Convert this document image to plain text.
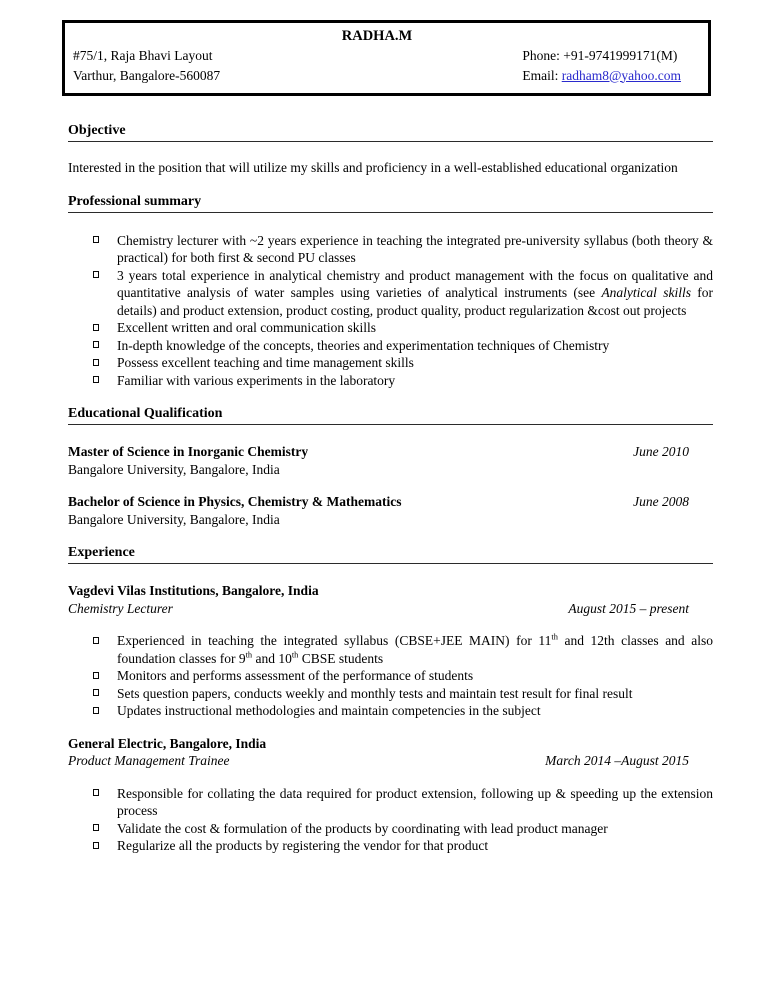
RADHA.M
#75/1, Raja Bhavi Layout
Varthur, Bangalore-560087
Phone: +91-9741999171(M)
Email: radham8@yahoo.com
Objective

Interested in the position that will utilize my skills and proficiency in a well-established educational organization

Professional summary
Chemistry lecturer with ~2 years experience in teaching the integrated pre-university syllabus (both theory & practical) for both first & second PU classes
3 years total experience in analytical chemistry and product management with the focus on qualitative and quantitative analysis of water samples using varieties of analytical instruments (see Analytical skills for details) and product extension, product costing, product quality, product regularization &cost out projects
Excellent written and oral communication skills
In-depth knowledge of the concepts, theories and experimentation techniques of Chemistry
Possess excellent teaching and time management skills
Familiar with various experiments in the laboratory
Educational Qualification
Master of Science in Inorganic Chemistry	June 2010
Bangalore University, Bangalore, India
Bachelor of Science in Physics, Chemistry & Mathematics	June 2008
Bangalore University, Bangalore, India
Experience
Vagdevi Vilas Institutions, Bangalore, India
Chemistry Lecturer	August 2015 – present
Experienced in teaching the integrated syllabus (CBSE+JEE MAIN) for 11th and 12th classes and also foundation classes for 9th and 10th CBSE students
Monitors and performs assessment of the performance of students
Sets question papers, conducts weekly and monthly tests and maintain test result for final result
Updates instructional methodologies and maintain competencies in the subject
General Electric, Bangalore, India
Product Management Trainee	March 2014 –August 2015
Responsible for collating the data required for product extension, following up & speeding up the extension process
Validate the cost & formulation of the products by coordinating with lead product manager
Regularize all the products by registering the vendor for that product
